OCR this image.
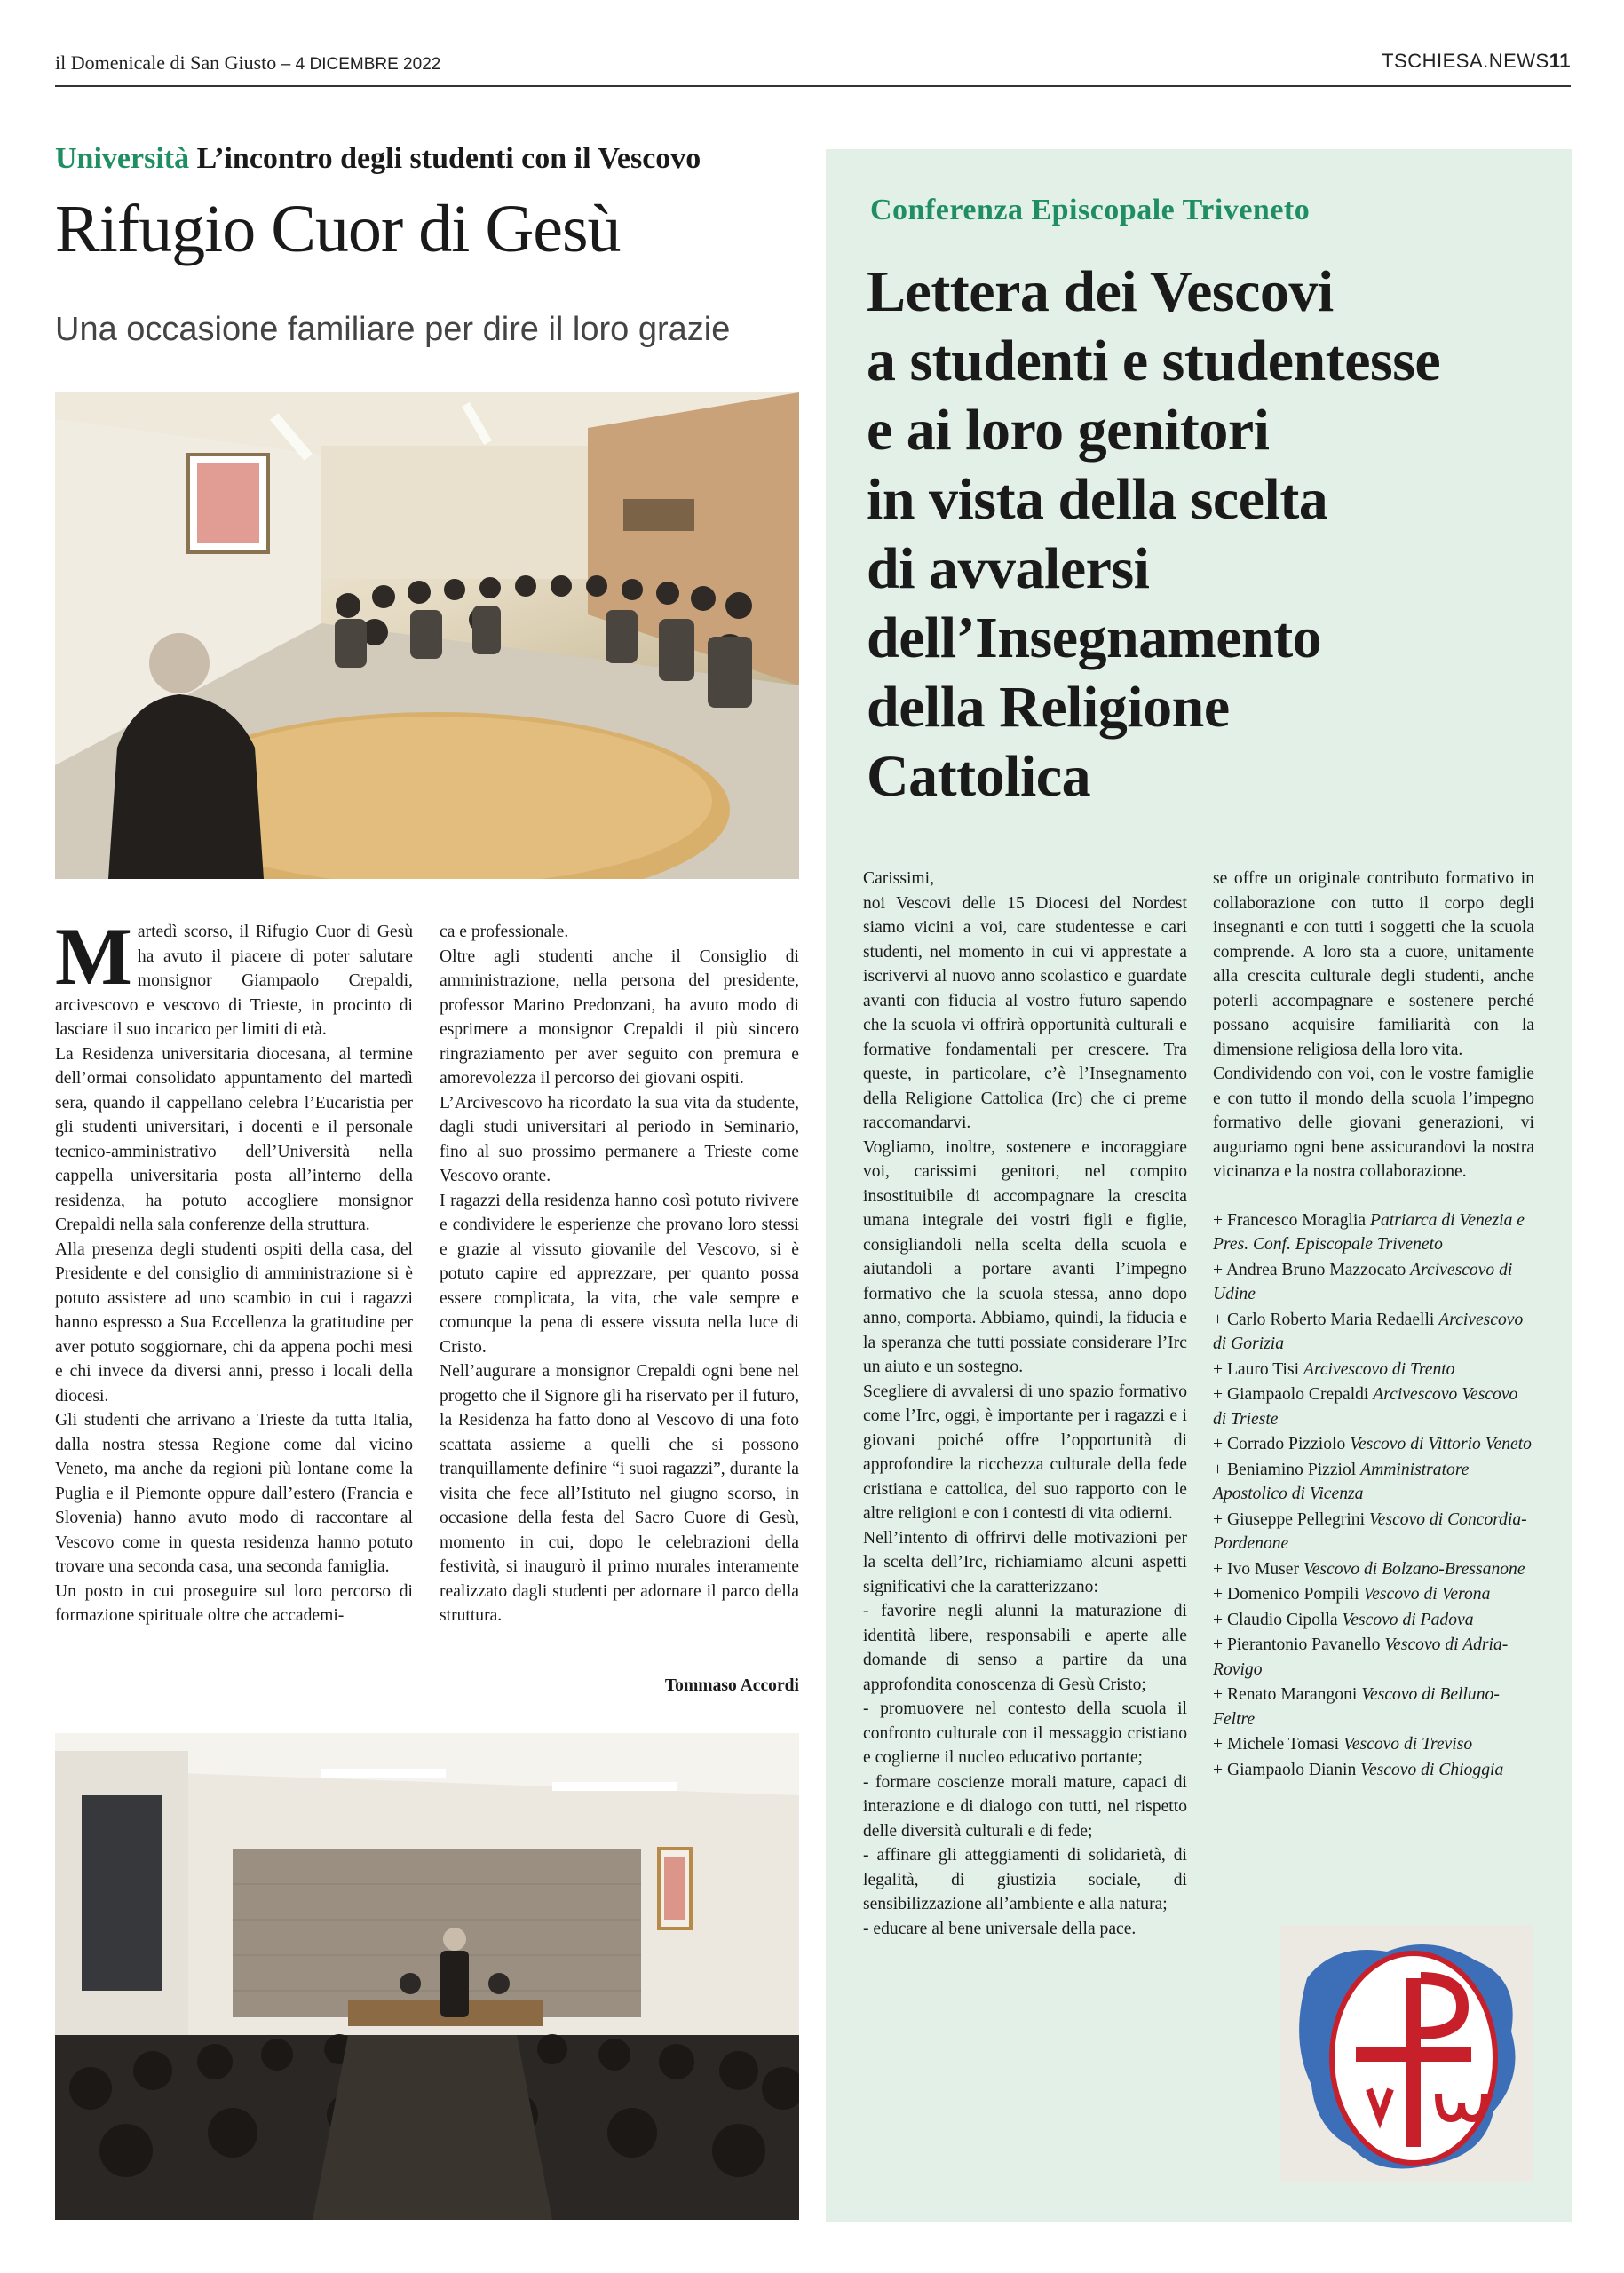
il Domenicale di San Giusto – 4 DICEMBRE 2022	TSCHIESA.NEWS11
Università L’incontro degli studenti con il Vescovo
Rifugio Cuor di Gesù
Una occasione familiare per dire il loro grazie
M artedì scorso, il Rifugio Cuor di Gesù ha avuto il piacere di poter salutare monsignor Giampaolo Crepaldi, arcivescovo e vescovo di Trieste, in procinto di lasciare il suo incarico per limiti di età.

La Residenza universitaria diocesana, al termine dell’ormai consolidato appuntamento del martedì sera, quando il cappellano celebra l’Eucaristia per gli studenti universitari, i docenti e il personale tecnico-amministrativo dell’Università nella cappella universitaria posta all’interno della residenza, ha potuto accogliere monsignor Crepaldi nella sala conferenze della struttura.

Alla presenza degli studenti ospiti della casa, del Presidente e del consiglio di amministrazione si è potuto assistere ad uno scambio in cui i ragazzi hanno espresso a Sua Eccellenza la gratitudine per aver potuto soggiornare, chi da appena pochi mesi e chi invece da diversi anni, presso i locali della diocesi.

Gli studenti che arrivano a Trieste da tutta Italia, dalla nostra stessa Regione come dal vicino Veneto, ma anche da regioni più lontane come la Puglia e il Piemonte oppure dall’estero (Francia e Slovenia) hanno avuto modo di raccontare al Vescovo come in questa residenza hanno potuto trovare una seconda casa, una seconda famiglia.

Un posto in cui proseguire sul loro percorso di formazione spirituale oltre che accademi-

ca e professionale.

Oltre agli studenti anche il Consiglio di amministrazione, nella persona del presidente, professor Marino Predonzani, ha avuto modo di esprimere a monsignor Crepaldi il più sincero ringraziamento per aver seguito con premura e amorevolezza il percorso dei giovani ospiti.

L’Arcivescovo ha ricordato la sua vita da studente, dagli studi universitari al periodo in Seminario, fino al suo prossimo permanere a Trieste come Vescovo orante.

I ragazzi della residenza hanno così potuto rivivere e condividere le esperienze che provano loro stessi e grazie al vissuto giovanile del Vescovo, si è potuto capire ed apprezzare, per quanto possa essere complicata, la vita, che vale sempre e comunque la pena di essere vissuta nella luce di Cristo.

Nell’augurare a monsignor Crepaldi ogni bene nel progetto che il Signore gli ha riservato per il futuro, la Residenza ha fatto dono al Vescovo di una foto scattata assieme a quelli che si possono tranquillamente definire “i suoi ragazzi”, durante la visita che fece all’Istituto nel giugno scorso, in occasione della festa del Sacro Cuore di Gesù, momento in cui, dopo le celebrazioni della festività, si inaugurò il primo murales interamente realizzato dagli studenti per adornare il parco della struttura.

Tommaso Accordi
Conferenza Episcopale Triveneto
Lettera dei Vescovi
a studenti e studentesse
e ai loro genitori
in vista della scelta
di avvalersi
dell’Insegnamento
della Religione
Cattolica

Carissimi,

noi Vescovi delle 15 Diocesi del Nordest siamo vicini a voi, care studentesse e cari studenti, nel momento in cui vi apprestate a iscrivervi al nuovo anno scolastico e guardate avanti con fiducia al vostro futuro sapendo che la scuola vi offrirà opportunità culturali e formative fondamentali per crescere. Tra queste, in particolare, c’è l’Insegnamento della Religione Cattolica (Irc) che ci preme raccomandarvi.

Vogliamo, inoltre, sostenere e incoraggiare voi, carissimi genitori, nel compito insostituibile di accompagnare la crescita umana integrale dei vostri figli e figlie, consigliandoli nella scelta della scuola e aiutandoli a portare avanti l’impegno formativo che la scuola stessa, anno dopo anno, comporta. Abbiamo, quindi, la fiducia e la speranza che tutti possiate considerare l’Irc un aiuto e un sostegno.

Scegliere di avvalersi di uno spazio formativo come l’Irc, oggi, è importante per i ragazzi e i giovani poiché offre l’opportunità di approfondire la ricchezza culturale della fede cristiana e cattolica, del suo rapporto con le altre religioni e con i contesti di vita odierni.

Nell’intento di offrirvi delle motivazioni per la scelta dell’Irc, richiamiamo alcuni aspetti significativi che la caratterizzano:

- favorire negli alunni la maturazione di identità libere, responsabili e aperte alle domande di senso a partire da una approfondita conoscenza di Gesù Cristo;

- promuovere nel contesto della scuola il confronto culturale con il messaggio cristiano e coglierne il nucleo educativo portante;

- formare coscienze morali mature, capaci di interazione e di dialogo con tutti, nel rispetto delle diversità culturali e di fede;

- affinare gli atteggiamenti di solidarietà, di legalità, di giustizia sociale, di sensibilizzazione all’ambiente e alla natura;

- educare al bene universale della pace.

se offre un originale contributo formativo in collaborazione con tutto il corpo degli insegnanti e con tutti i soggetti che la scuola comprende. A loro sta a cuore, unitamente alla crescita culturale degli studenti, anche poterli accompagnare e sostenere perché possano acquisire familiarità con la dimensione religiosa della loro vita.

Condividendo con voi, con le vostre famiglie e con tutto il mondo della scuola l’impegno formativo delle giovani generazioni, vi auguriamo ogni bene assicurandovi la nostra vicinanza e la nostra collaborazione.

+ Francesco Moraglia Patriarca di Venezia e Pres. Conf. Episcopale Triveneto

+ Andrea Bruno Mazzocato Arcivescovo di Udine

+ Carlo Roberto Maria Redaelli Arcivescovo di Gorizia

+ Lauro Tisi Arcivescovo di Trento

+ Giampaolo Crepaldi Arcivescovo Vescovo di Trieste

+ Corrado Pizziolo Vescovo di Vittorio Veneto

+ Beniamino Pizziol Amministratore Apostolico di Vicenza

+ Giuseppe Pellegrini Vescovo di Concordia-Pordenone

+ Ivo Muser Vescovo di Bolzano-Bressanone

+ Domenico Pompili Vescovo di Verona

+ Claudio Cipolla Vescovo di Padova

+ Pierantonio Pavanello Vescovo di Adria-Rovigo

+ Renato Marangoni Vescovo di Belluno-Feltre

+ Michele Tomasi Vescovo di Treviso

+ Giampaolo Dianin Vescovo di Chioggia
